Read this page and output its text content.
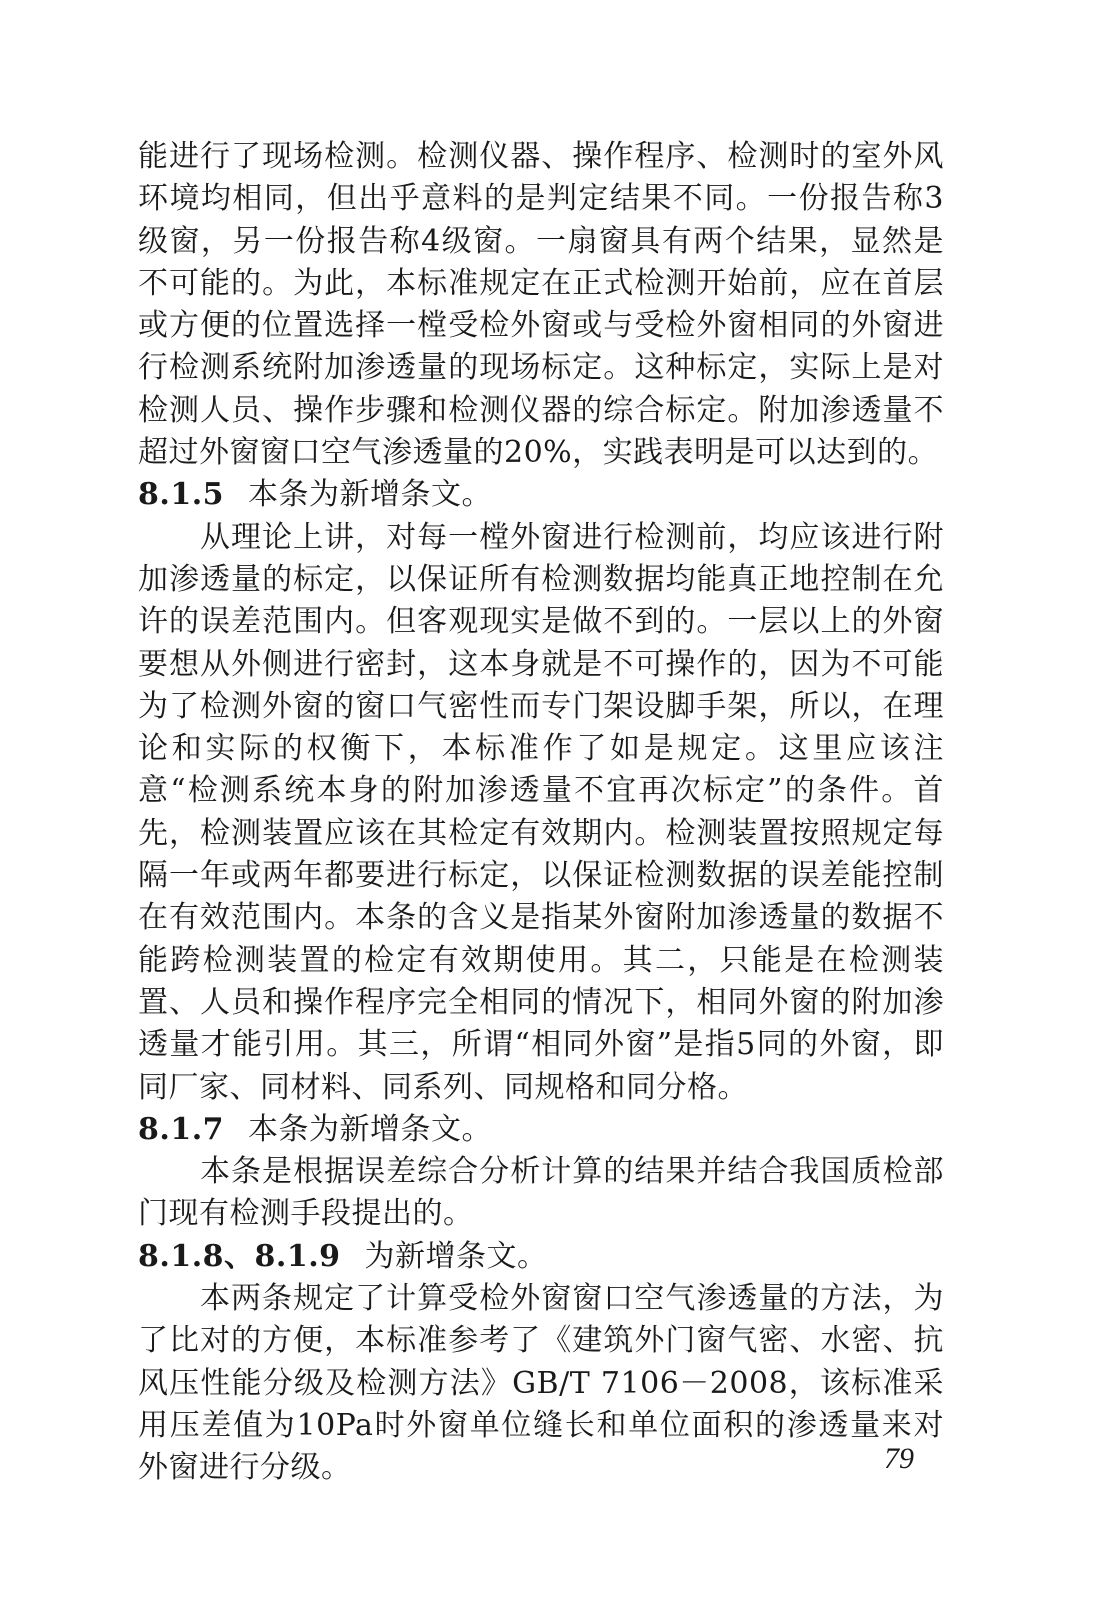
能进行了现场检测。检测仪器、操作程序、检测时的室外风环境均相同，但出乎意料的是判定结果不同。一份报告称3级窗，另一份报告称4级窗。一扇窗具有两个结果，显然是不可能的。为此，本标准规定在正式检测开始前，应在首层或方便的位置选择一樘受检外窗或与受检外窗相同的外窗进行检测系统附加渗透量的现场标定。这种标定，实际上是对检测人员、操作步骤和检测仪器的综合标定。附加渗透量不超过外窗窗口空气渗透量的20%，实践表明是可以达到的。

8.1.5 本条为新增条文。

从理论上讲，对每一樘外窗进行检测前，均应该进行附加渗透量的标定，以保证所有检测数据均能真正地控制在允许的误差范围内。但客观现实是做不到的。一层以上的外窗要想从外侧进行密封，这本身就是不可操作的，因为不可能为了检测外窗的窗口气密性而专门架设脚手架，所以，在理论和实际的权衡下，本标准作了如是规定。这里应该注意“检测系统本身的附加渗透量不宜再次标定”的条件。首先，检测装置应该在其检定有效期内。检测装置按照规定每隔一年或两年都要进行标定，以保证检测数据的误差能控制在有效范围内。本条的含义是指某外窗附加渗透量的数据不能跨检测装置的检定有效期使用。其二，只能是在检测装置、人员和操作程序完全相同的情况下，相同外窗的附加渗透量才能引用。其三，所谓“相同外窗”是指5同的外窗，即同厂家、同材料、同系列、同规格和同分格。

8.1.7 本条为新增条文。

本条是根据误差综合分析计算的结果并结合我国质检部门现有检测手段提出的。

8.1.8、8.1.9 为新增条文。

本两条规定了计算受检外窗窗口空气渗透量的方法，为了比对的方便，本标准参考了《建筑外门窗气密、水密、抗风压性能分级及检测方法》GB/T 7106－2008，该标准采用压差值为10Pa时外窗单位缝长和单位面积的渗透量来对外窗进行分级。	79
